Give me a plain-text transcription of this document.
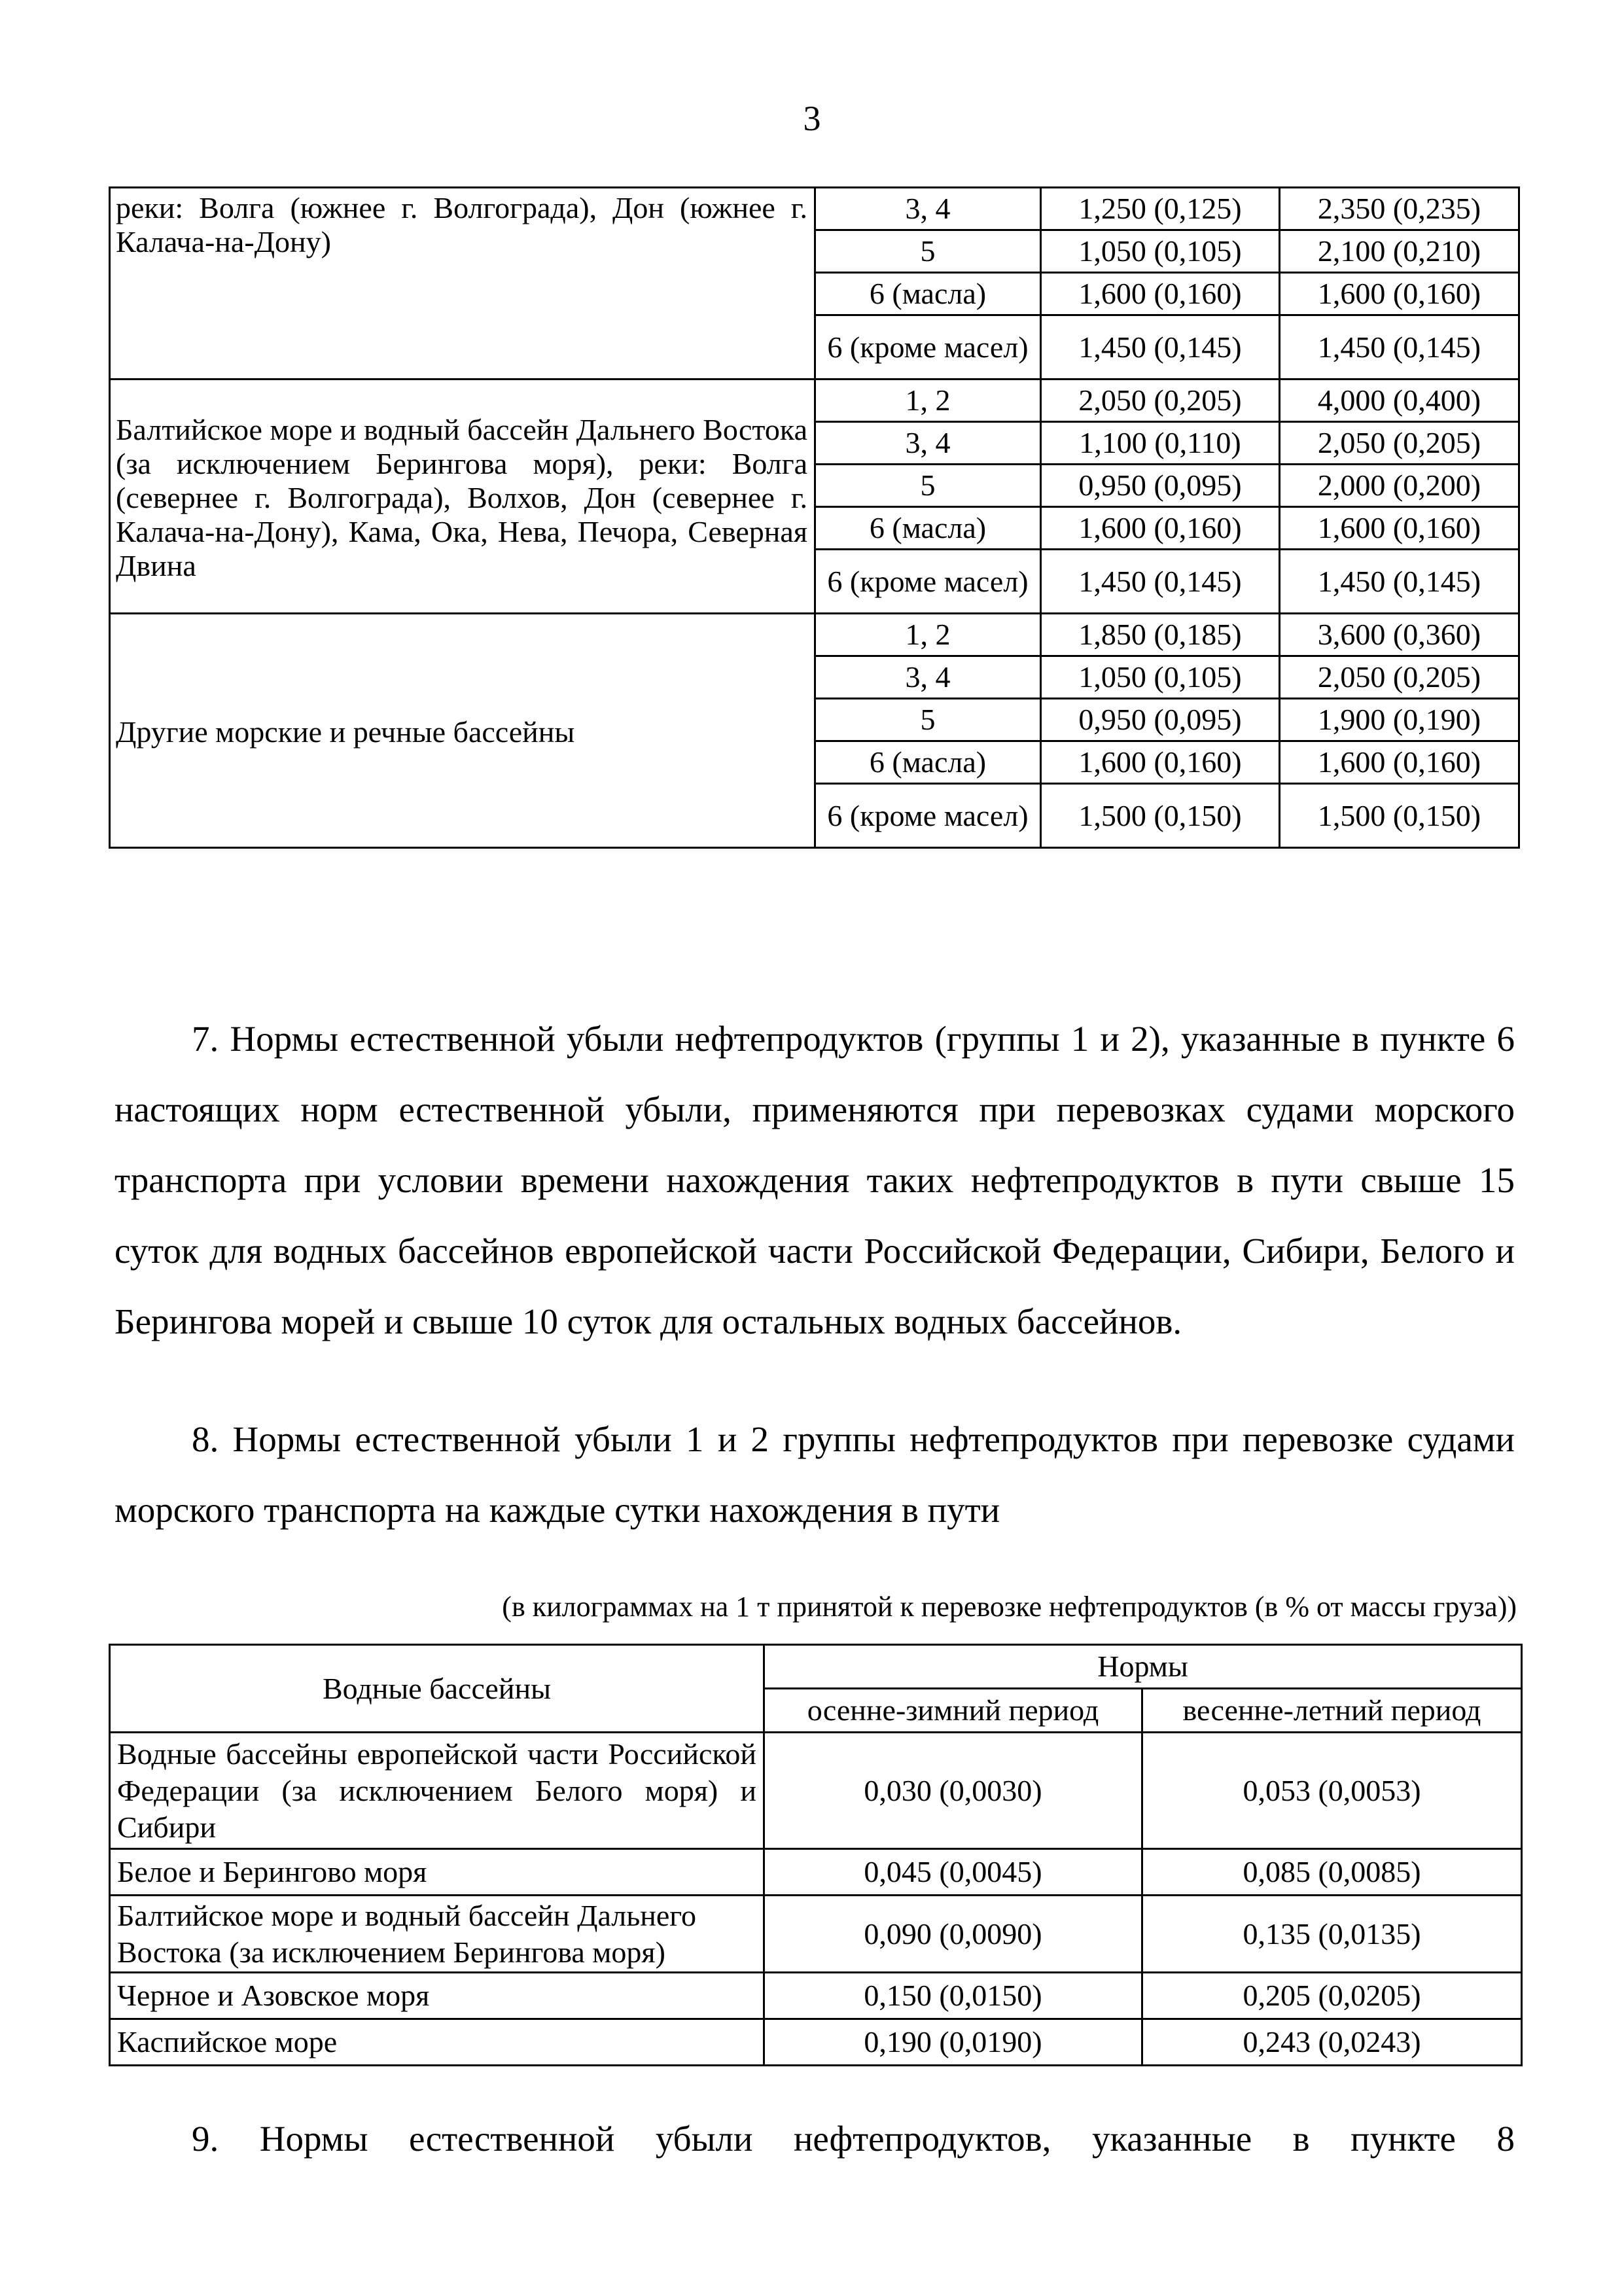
3
реки: Волга (южнее г. Волгограда), Дон (южнее г. Калача-на-Дону)	3, 4	1,250 (0,125)	2,350 (0,235)
	5	1,050 (0,105)	2,100 (0,210)
	6 (масла)	1,600 (0,160)	1,600 (0,160)
	6 (кроме масел)	1,450 (0,145)	1,450 (0,145)
Балтийское море и водный бассейн Дальнего Востока (за исключением Берингова моря), реки: Волга (севернее г. Волгограда), Волхов, Дон (севернее г. Калача-на-Дону), Кама, Ока, Нева, Печора, Северная Двина	1, 2	2,050 (0,205)	4,000 (0,400)
	3, 4	1,100 (0,110)	2,050 (0,205)
	5	0,950 (0,095)	2,000 (0,200)
	6 (масла)	1,600 (0,160)	1,600 (0,160)
	6 (кроме масел)	1,450 (0,145)	1,450 (0,145)
Другие морские и речные бассейны	1, 2	1,850 (0,185)	3,600 (0,360)
	3, 4	1,050 (0,105)	2,050 (0,205)
	5	0,950 (0,095)	1,900 (0,190)
	6 (масла)	1,600 (0,160)	1,600 (0,160)
	6 (кроме масел)	1,500 (0,150)	1,500 (0,150)
7. Нормы естественной убыли нефтепродуктов (группы 1 и 2), указанные в пункте 6 настоящих норм естественной убыли, применяются при перевозках судами морского транспорта при условии времени нахождения таких нефтепродуктов в пути свыше 15 суток для водных бассейнов европейской части Российской Федерации, Сибири, Белого и Берингова морей и свыше 10 суток для остальных водных бассейнов.
8. Нормы естественной убыли 1 и 2 группы нефтепродуктов при перевозке судами морского транспорта на каждые сутки нахождения в пути
(в килограммах на 1 т принятой к перевозке нефтепродуктов (в % от массы груза))
Водные бассейны	Нормы	
	осенне-зимний период	весенне-летний период
Водные бассейны европейской части Российской Федерации (за исключением Белого моря) и Сибири	0,030 (0,0030)	0,053 (0,0053)
Белое и Берингово моря	0,045 (0,0045)	0,085 (0,0085)
Балтийское море и водный бассейн Дальнего Востока (за исключением Берингова моря)	0,090 (0,0090)	0,135 (0,0135)
Черное и Азовское моря	0,150 (0,0150)	0,205 (0,0205)
Каспийское море	0,190 (0,0190)	0,243 (0,0243)
9. Нормы естественной убыли нефтепродуктов, указанные в пункте 8
